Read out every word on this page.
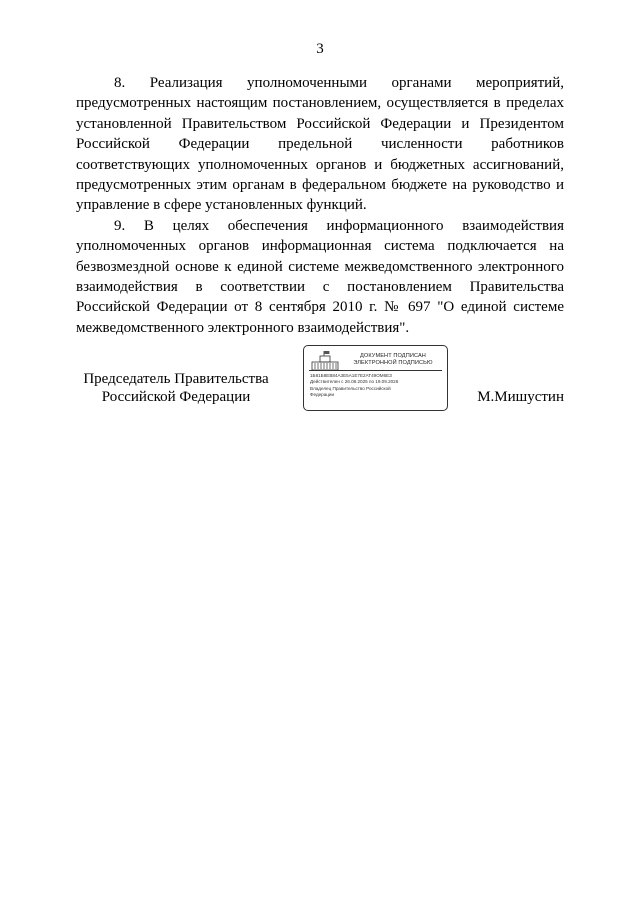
3

8. Реализация уполномоченными органами мероприятий, предусмотренных настоящим постановлением, осуществляется в пределах установленной Правительством Российской Федерации и Президентом Российской Федерации предельной численности работников соответствующих уполномоченных органов и бюджетных ассигнований, предусмотренных этим органам в федеральном бюджете на руководство и управление в сфере установленных функций.

9. В целях обеспечения информационного взаимодействия уполномоченных органов информационная система подключается на безвозмездной основе к единой системе межведомственного электронного взаимодействия в соответствии с постановлением Правительства Российской Федерации от 8 сентября 2010 г. № 697 "О единой системе межведомственного электронного взаимодействия".

Председатель Правительства
Российской Федерации
ДОКУМЕНТ ПОДПИСАН
ЭЛЕКТРОННОЙ ПОДПИСЬЮ
1Б81Б8ЕВ84А3Е5А1Е7Е2АТ49ОМ6ЕЗ
Действителен с 26.08.2025 по 19.09.2026
Владелец Правительство Российской
Федерации	М.Мишустин
